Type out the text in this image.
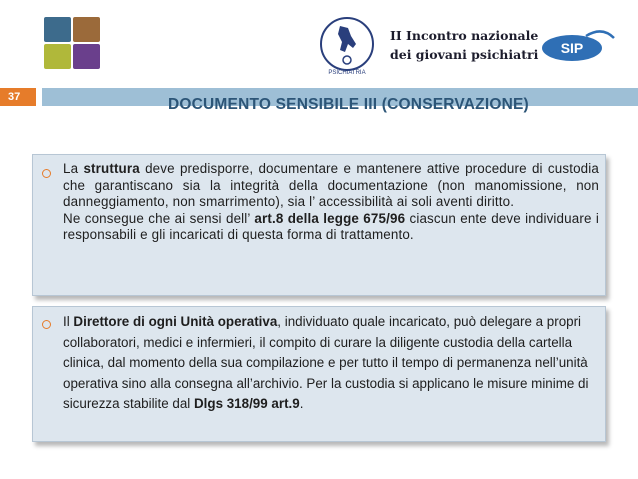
PSICHIATRIA
II Incontro nazionale
dei giovani psichiatri SIP
37	DOCUMENTO SENSIBILE III (CONSERVAZIONE)
La struttura deve predisporre, documentare e mantenere attive procedure di custodia che garantiscano sia la integrità della documentazione (non manomissione, non danneggiamento, non smarrimento), sia l’ accessibilità ai soli aventi diritto.
Ne consegue che ai sensi dell’ art.8 della legge 675/96 ciascun ente deve individuare i responsabili e gli incaricati di questa forma di trattamento.
Il Direttore di ogni Unità operativa, individuato quale incaricato, può delegare a propri collaboratori, medici e infermieri, il compito di curare la diligente custodia della cartella clinica, dal momento della sua compilazione e per tutto il tempo di permanenza nell’unità operativa sino alla consegna all’archivio. Per la custodia si applicano le misure minime di sicurezza stabilite dal Dlgs 318/99 art.9.
